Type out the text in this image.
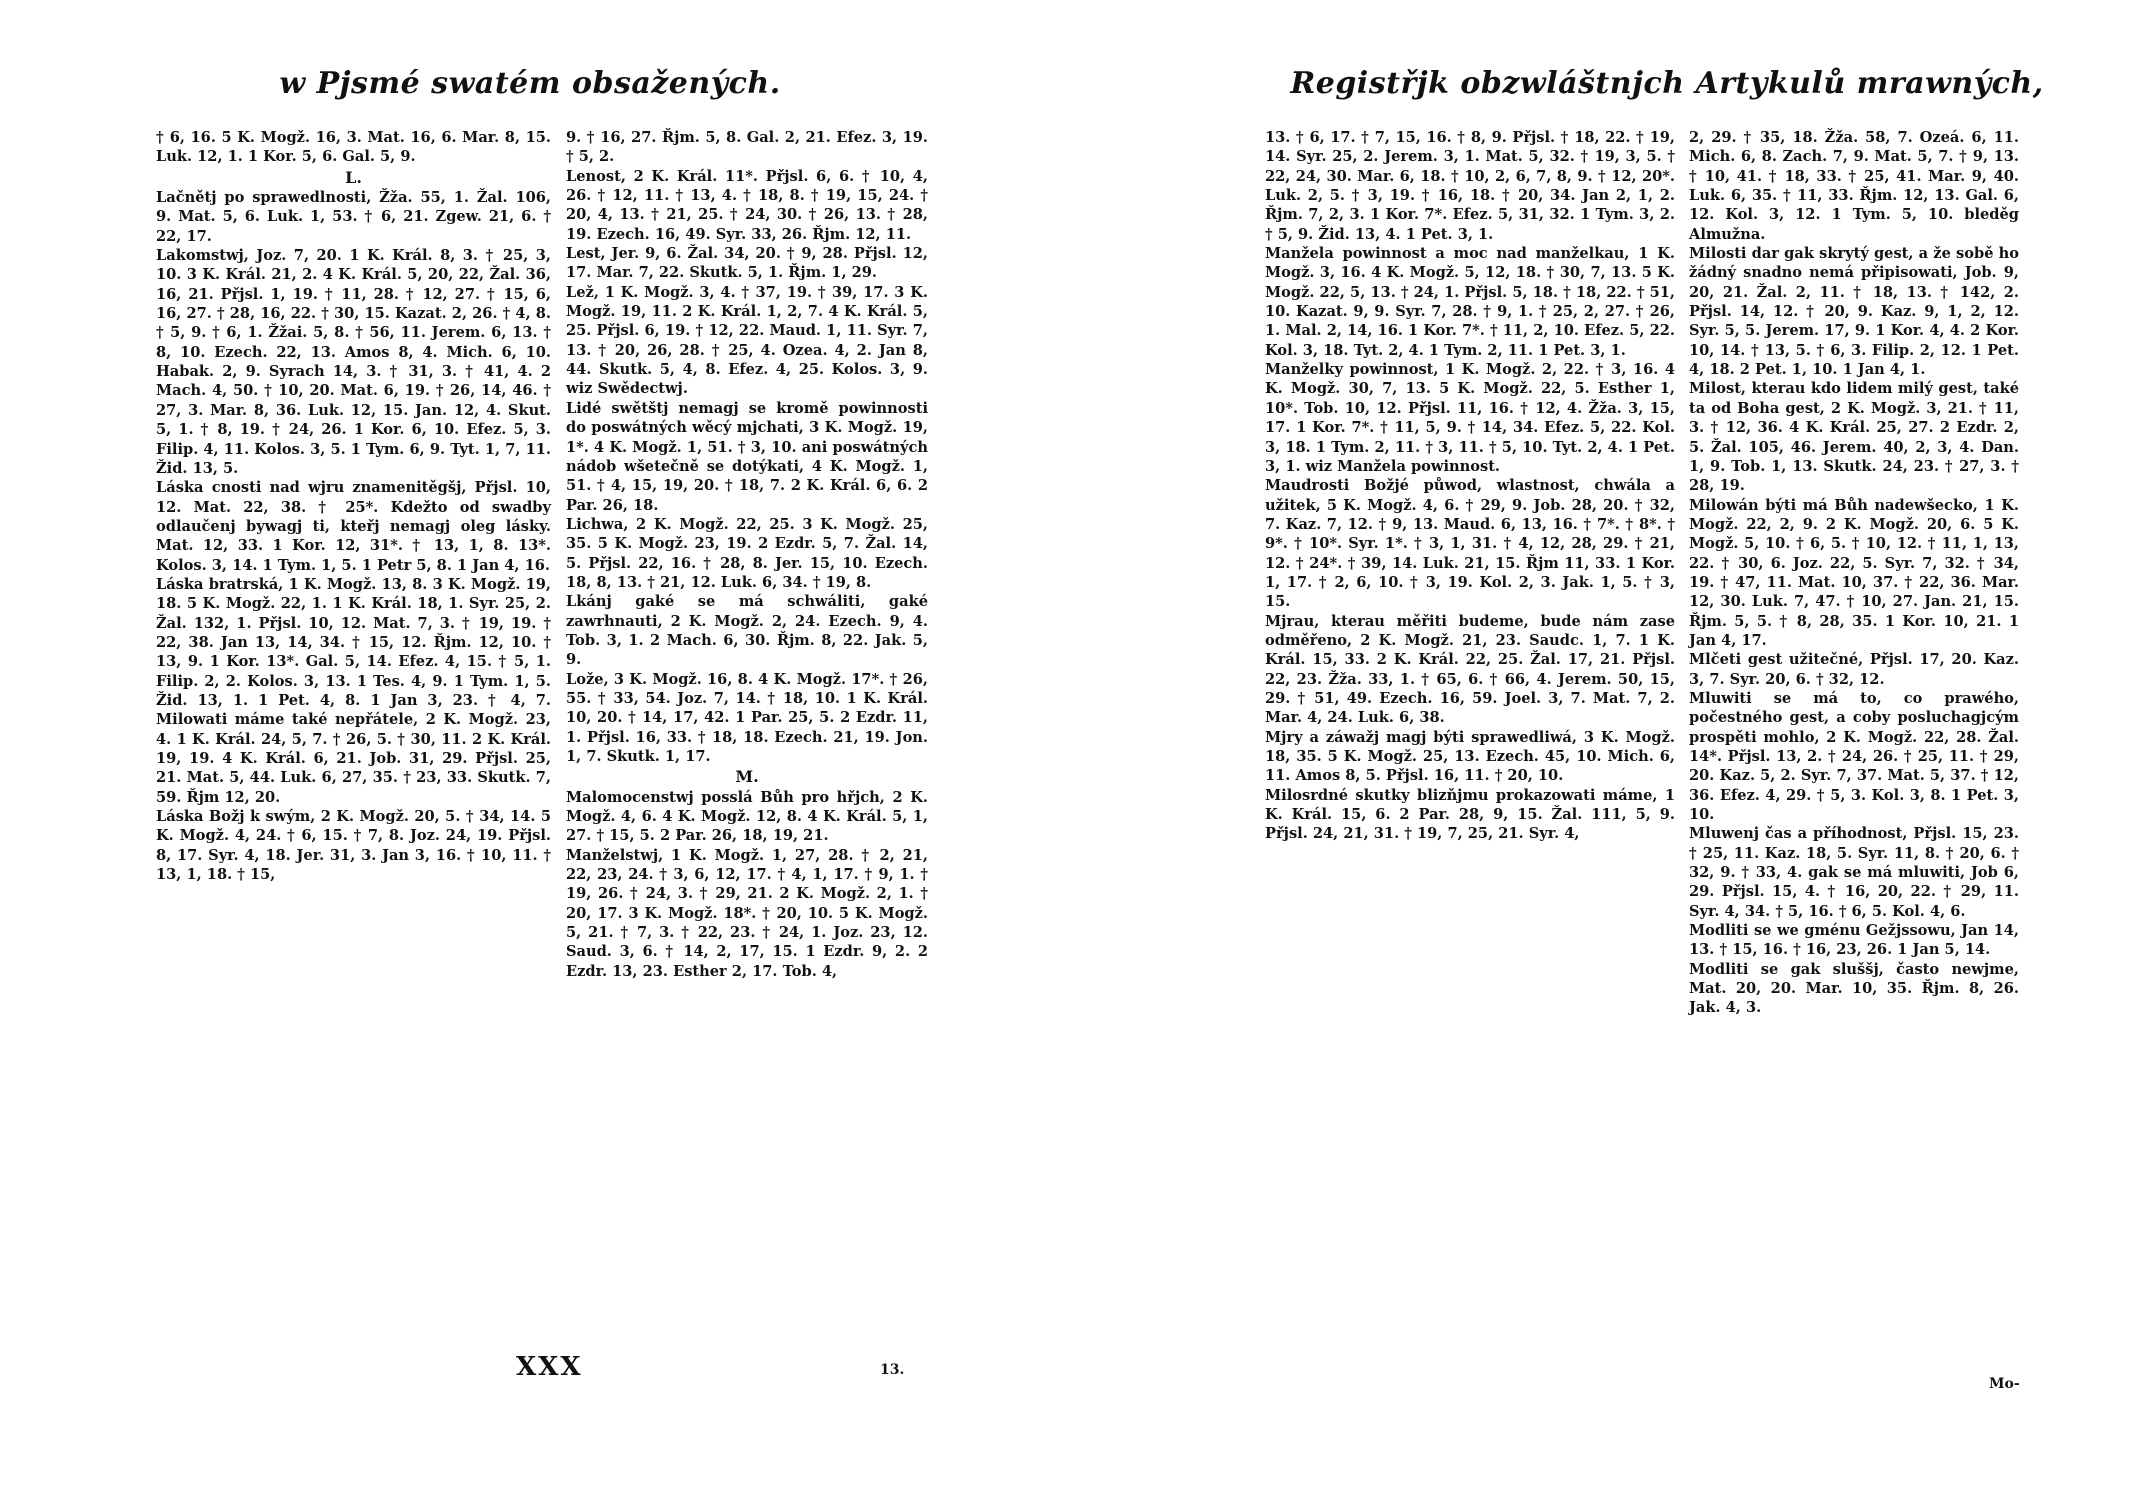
w Pjsmé swatém obsažených.

† 6, 16. 5 K. Mogž. 16, 3. Mat. 16, 6. Mar. 8, 15. Luk. 12, 1. 1 Kor. 5, 6. Gal. 5, 9.

L.

Lačnětj po sprawedlnosti, Žža. 55, 1. Žal. 106, 9. Mat. 5, 6. Luk. 1, 53. † 6, 21. Zgew. 21, 6. † 22, 17.

Lakomstwj, Joz. 7, 20. 1 K. Král. 8, 3. † 25, 3, 10. 3 K. Král. 21, 2. 4 K. Král. 5, 20, 22, Žal. 36, 16, 21. Přjsl. 1, 19. † 11, 28. † 12, 27. † 15, 6, 16, 27. † 28, 16, 22. † 30, 15. Kazat. 2, 26. † 4, 8. † 5, 9. † 6, 1. Žžai. 5, 8. † 56, 11. Jerem. 6, 13. † 8, 10. Ezech. 22, 13. Amos 8, 4. Mich. 6, 10. Habak. 2, 9. Syrach 14, 3. † 31, 3. † 41, 4. 2 Mach. 4, 50. † 10, 20. Mat. 6, 19. † 26, 14, 46. † 27, 3. Mar. 8, 36. Luk. 12, 15. Jan. 12, 4. Skut. 5, 1. † 8, 19. † 24, 26. 1 Kor. 6, 10. Efez. 5, 3. Filip. 4, 11. Kolos. 3, 5. 1 Tym. 6, 9. Tyt. 1, 7, 11. Žid. 13, 5.

Láska cnosti nad wjru znamenitěgšj, Přjsl. 10, 12. Mat. 22, 38. † 25*. Kdežto od swadby odlaučenj bywagj ti, kteřj nemagj oleg lásky. Mat. 12, 33. 1 Kor. 12, 31*. † 13, 1, 8. 13*. Kolos. 3, 14. 1 Tym. 1, 5. 1 Petr 5, 8. 1 Jan 4, 16.

Láska bratrská, 1 K. Mogž. 13, 8. 3 K. Mogž. 19, 18. 5 K. Mogž. 22, 1. 1 K. Král. 18, 1. Syr. 25, 2. Žal. 132, 1. Přjsl. 10, 12. Mat. 7, 3. † 19, 19. † 22, 38. Jan 13, 14, 34. † 15, 12. Řjm. 12, 10. † 13, 9. 1 Kor. 13*. Gal. 5, 14. Efez. 4, 15. † 5, 1. Filip. 2, 2. Kolos. 3, 13. 1 Tes. 4, 9. 1 Tym. 1, 5. Žid. 13, 1. 1 Pet. 4, 8. 1 Jan 3, 23. † 4, 7. Milowati máme také nepřátele, 2 K. Mogž. 23, 4. 1 K. Král. 24, 5, 7. † 26, 5. † 30, 11. 2 K. Král. 19, 19. 4 K. Král. 6, 21. Job. 31, 29. Přjsl. 25, 21. Mat. 5, 44. Luk. 6, 27, 35. † 23, 33. Skutk. 7, 59. Řjm 12, 20.

Láska Božj k swým, 2 K. Mogž. 20, 5. † 34, 14. 5 K. Mogž. 4, 24. † 6, 15. † 7, 8. Joz. 24, 19. Přjsl. 8, 17. Syr. 4, 18. Jer. 31, 3. Jan 3, 16. † 10, 11. † 13, 1, 18. † 15,

9. † 16, 27. Řjm. 5, 8. Gal. 2, 21. Efez. 3, 19. † 5, 2.

Lenost, 2 K. Král. 11*. Přjsl. 6, 6. † 10, 4, 26. † 12, 11. † 13, 4. † 18, 8. † 19, 15, 24. † 20, 4, 13. † 21, 25. † 24, 30. † 26, 13. † 28, 19. Ezech. 16, 49. Syr. 33, 26. Řjm. 12, 11.

Lest, Jer. 9, 6. Žal. 34, 20. † 9, 28. Přjsl. 12, 17. Mar. 7, 22. Skutk. 5, 1. Řjm. 1, 29.

Lež, 1 K. Mogž. 3, 4. † 37, 19. † 39, 17. 3 K. Mogž. 19, 11. 2 K. Král. 1, 2, 7. 4 K. Král. 5, 25. Přjsl. 6, 19. † 12, 22. Maud. 1, 11. Syr. 7, 13. † 20, 26, 28. † 25, 4. Ozea. 4, 2. Jan 8, 44. Skutk. 5, 4, 8. Efez. 4, 25. Kolos. 3, 9. wiz Swědectwj.

Lidé swětštj nemagj se kromě powinnosti do poswátných wěcý mjchati, 3 K. Mogž. 19, 1*. 4 K. Mogž. 1, 51. † 3, 10. ani poswátných nádob wšetečně se dotýkati, 4 K. Mogž. 1, 51. † 4, 15, 19, 20. † 18, 7. 2 K. Král. 6, 6. 2 Par. 26, 18.

Lichwa, 2 K. Mogž. 22, 25. 3 K. Mogž. 25, 35. 5 K. Mogž. 23, 19. 2 Ezdr. 5, 7. Žal. 14, 5. Přjsl. 22, 16. † 28, 8. Jer. 15, 10. Ezech. 18, 8, 13. † 21, 12. Luk. 6, 34. † 19, 8.

Lkánj gaké se má schwáliti, gaké zawrhnauti, 2 K. Mogž. 2, 24. Ezech. 9, 4. Tob. 3, 1. 2 Mach. 6, 30. Řjm. 8, 22. Jak. 5, 9.

Lože, 3 K. Mogž. 16, 8. 4 K. Mogž. 17*. † 26, 55. † 33, 54. Joz. 7, 14. † 18, 10. 1 K. Král. 10, 20. † 14, 17, 42. 1 Par. 25, 5. 2 Ezdr. 11, 1. Přjsl. 16, 33. † 18, 18. Ezech. 21, 19. Jon. 1, 7. Skutk. 1, 17.

M.

Malomocenstwj posslá Bůh pro hřjch, 2 K. Mogž. 4, 6. 4 K. Mogž. 12, 8. 4 K. Král. 5, 1, 27. † 15, 5. 2 Par. 26, 18, 19, 21.

Manželstwj, 1 K. Mogž. 1, 27, 28. † 2, 21, 22, 23, 24. † 3, 6, 12, 17. † 4, 1, 17. † 9, 1. † 19, 26. † 24, 3. † 29, 21. 2 K. Mogž. 2, 1. † 20, 17. 3 K. Mogž. 18*. † 20, 10. 5 K. Mogž. 5, 21. † 7, 3. † 22, 23. † 24, 1. Joz. 23, 12. Saud. 3, 6. † 14, 2, 17, 15. 1 Ezdr. 9, 2. 2 Ezdr. 13, 23. Esther 2, 17. Tob. 4,

XXX	13.
Registřjk obzwláštnjch Artykulů mrawných,

13. † 6, 17. † 7, 15, 16. † 8, 9. Přjsl. † 18, 22. † 19, 14. Syr. 25, 2. Jerem. 3, 1. Mat. 5, 32. † 19, 3, 5. † 22, 24, 30. Mar. 6, 18. † 10, 2, 6, 7, 8, 9. † 12, 20*. Luk. 2, 5. † 3, 19. † 16, 18. † 20, 34. Jan 2, 1, 2. Řjm. 7, 2, 3. 1 Kor. 7*. Efez. 5, 31, 32. 1 Tym. 3, 2. † 5, 9. Žid. 13, 4. 1 Pet. 3, 1.

Manžela powinnost a moc nad manželkau, 1 K. Mogž. 3, 16. 4 K. Mogž. 5, 12, 18. † 30, 7, 13. 5 K. Mogž. 22, 5, 13. † 24, 1. Přjsl. 5, 18. † 18, 22. † 51, 10. Kazat. 9, 9. Syr. 7, 28. † 9, 1. † 25, 2, 27. † 26, 1. Mal. 2, 14, 16. 1 Kor. 7*. † 11, 2, 10. Efez. 5, 22. Kol. 3, 18. Tyt. 2, 4. 1 Tym. 2, 11. 1 Pet. 3, 1.

Manželky powinnost, 1 K. Mogž. 2, 22. † 3, 16. 4 K. Mogž. 30, 7, 13. 5 K. Mogž. 22, 5. Esther 1, 10*. Tob. 10, 12. Přjsl. 11, 16. † 12, 4. Žža. 3, 15, 17. 1 Kor. 7*. † 11, 5, 9. † 14, 34. Efez. 5, 22. Kol. 3, 18. 1 Tym. 2, 11. † 3, 11. † 5, 10. Tyt. 2, 4. 1 Pet. 3, 1. wiz Manžela powinnost.

Maudrosti Božjé půwod, wlastnost, chwála a užitek, 5 K. Mogž. 4, 6. † 29, 9. Job. 28, 20. † 32, 7. Kaz. 7, 12. † 9, 13. Maud. 6, 13, 16. † 7*. † 8*. † 9*. † 10*. Syr. 1*. † 3, 1, 31. † 4, 12, 28, 29. † 21, 12. † 24*. † 39, 14. Luk. 21, 15. Řjm 11, 33. 1 Kor. 1, 17. † 2, 6, 10. † 3, 19. Kol. 2, 3. Jak. 1, 5. † 3, 15.

Mjrau, kterau měřiti budeme, bude nám zase odměřeno, 2 K. Mogž. 21, 23. Saudc. 1, 7. 1 K. Král. 15, 33. 2 K. Král. 22, 25. Žal. 17, 21. Přjsl. 22, 23. Žža. 33, 1. † 65, 6. † 66, 4. Jerem. 50, 15, 29. † 51, 49. Ezech. 16, 59. Joel. 3, 7. Mat. 7, 2. Mar. 4, 24. Luk. 6, 38.

Mjry a záwažj magj býti sprawedliwá, 3 K. Mogž. 18, 35. 5 K. Mogž. 25, 13. Ezech. 45, 10. Mich. 6, 11. Amos 8, 5. Přjsl. 16, 11. † 20, 10.

Milosrdné skutky blizňjmu prokazowati máme, 1 K. Král. 15, 6. 2 Par. 28, 9, 15. Žal. 111, 5, 9. Přjsl. 24, 21, 31. † 19, 7, 25, 21. Syr. 4,

2, 29. † 35, 18. Žža. 58, 7. Ozeá. 6, 11. Mich. 6, 8. Zach. 7, 9. Mat. 5, 7. † 9, 13. † 10, 41. † 18, 33. † 25, 41. Mar. 9, 40. Luk. 6, 35. † 11, 33. Řjm. 12, 13. Gal. 6, 12. Kol. 3, 12. 1 Tym. 5, 10. bleděg Almužna.

Milosti dar gak skrytý gest, a že sobě ho žádný snadno nemá připisowati, Job. 9, 20, 21. Žal. 2, 11. † 18, 13. † 142, 2. Přjsl. 14, 12. † 20, 9. Kaz. 9, 1, 2, 12. Syr. 5, 5. Jerem. 17, 9. 1 Kor. 4, 4. 2 Kor. 10, 14. † 13, 5. † 6, 3. Filip. 2, 12. 1 Pet. 4, 18. 2 Pet. 1, 10. 1 Jan 4, 1.

Milost, kterau kdo lidem milý gest, také ta od Boha gest, 2 K. Mogž. 3, 21. † 11, 3. † 12, 36. 4 K. Král. 25, 27. 2 Ezdr. 2, 5. Žal. 105, 46. Jerem. 40, 2, 3, 4. Dan. 1, 9. Tob. 1, 13. Skutk. 24, 23. † 27, 3. † 28, 19.

Milowán býti má Bůh nadewšecko, 1 K. Mogž. 22, 2, 9. 2 K. Mogž. 20, 6. 5 K. Mogž. 5, 10. † 6, 5. † 10, 12. † 11, 1, 13, 22. † 30, 6. Joz. 22, 5. Syr. 7, 32. † 34, 19. † 47, 11. Mat. 10, 37. † 22, 36. Mar. 12, 30. Luk. 7, 47. † 10, 27. Jan. 21, 15. Řjm. 5, 5. † 8, 28, 35. 1 Kor. 10, 21. 1 Jan 4, 17.

Mlčeti gest užitečné, Přjsl. 17, 20. Kaz. 3, 7. Syr. 20, 6. † 32, 12.

Mluwiti se má to, co prawého, počestného gest, a coby posluchagjcým prospěti mohlo, 2 K. Mogž. 22, 28. Žal. 14*. Přjsl. 13, 2. † 24, 26. † 25, 11. † 29, 20. Kaz. 5, 2. Syr. 7, 37. Mat. 5, 37. † 12, 36. Efez. 4, 29. † 5, 3. Kol. 3, 8. 1 Pet. 3, 10.

Mluwenj čas a příhodnost, Přjsl. 15, 23. † 25, 11. Kaz. 18, 5. Syr. 11, 8. † 20, 6. † 32, 9. † 33, 4. gak se má mluwiti, Job 6, 29. Přjsl. 15, 4. † 16, 20, 22. † 29, 11. Syr. 4, 34. † 5, 16. † 6, 5. Kol. 4, 6.

Modliti se we gménu Gežjssowu, Jan 14, 13. † 15, 16. † 16, 23, 26. 1 Jan 5, 14.

Modliti se gak sluššj, často newjme, Mat. 20, 20. Mar. 10, 35. Řjm. 8, 26. Jak. 4, 3.

Mo-
